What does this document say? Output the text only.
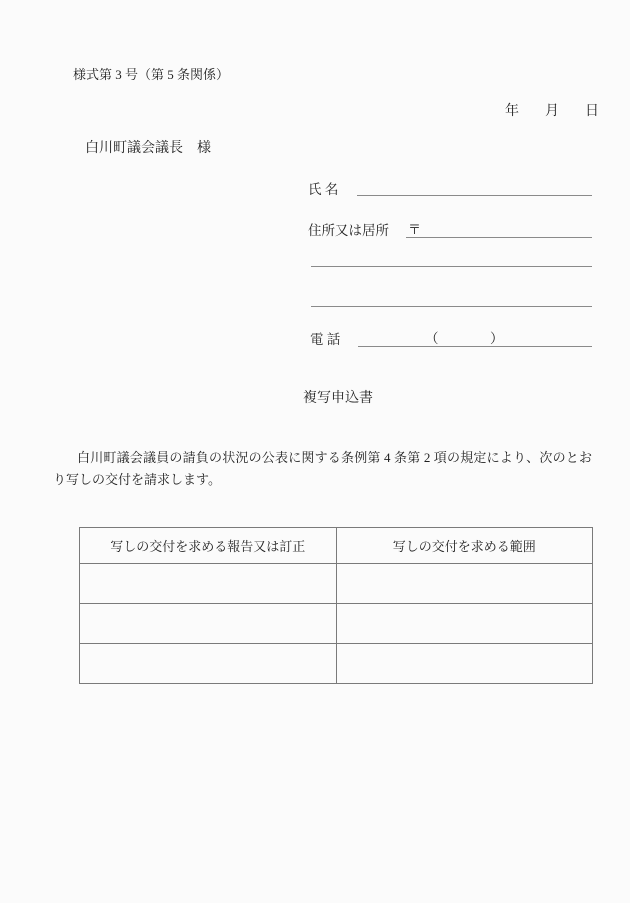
様式第 3 号（第 5 条関係）
年 月 日
白川町議会議長　様
氏 名
住所又は居所 〒
電 話	（	）
複写申込書
白川町議会議員の請負の状況の公表に関する条例第 4 条第 2 項の規定により、次のとおり写しの交付を請求します。
写しの交付を求める報告又は訂正	写しの交付を求める範囲
